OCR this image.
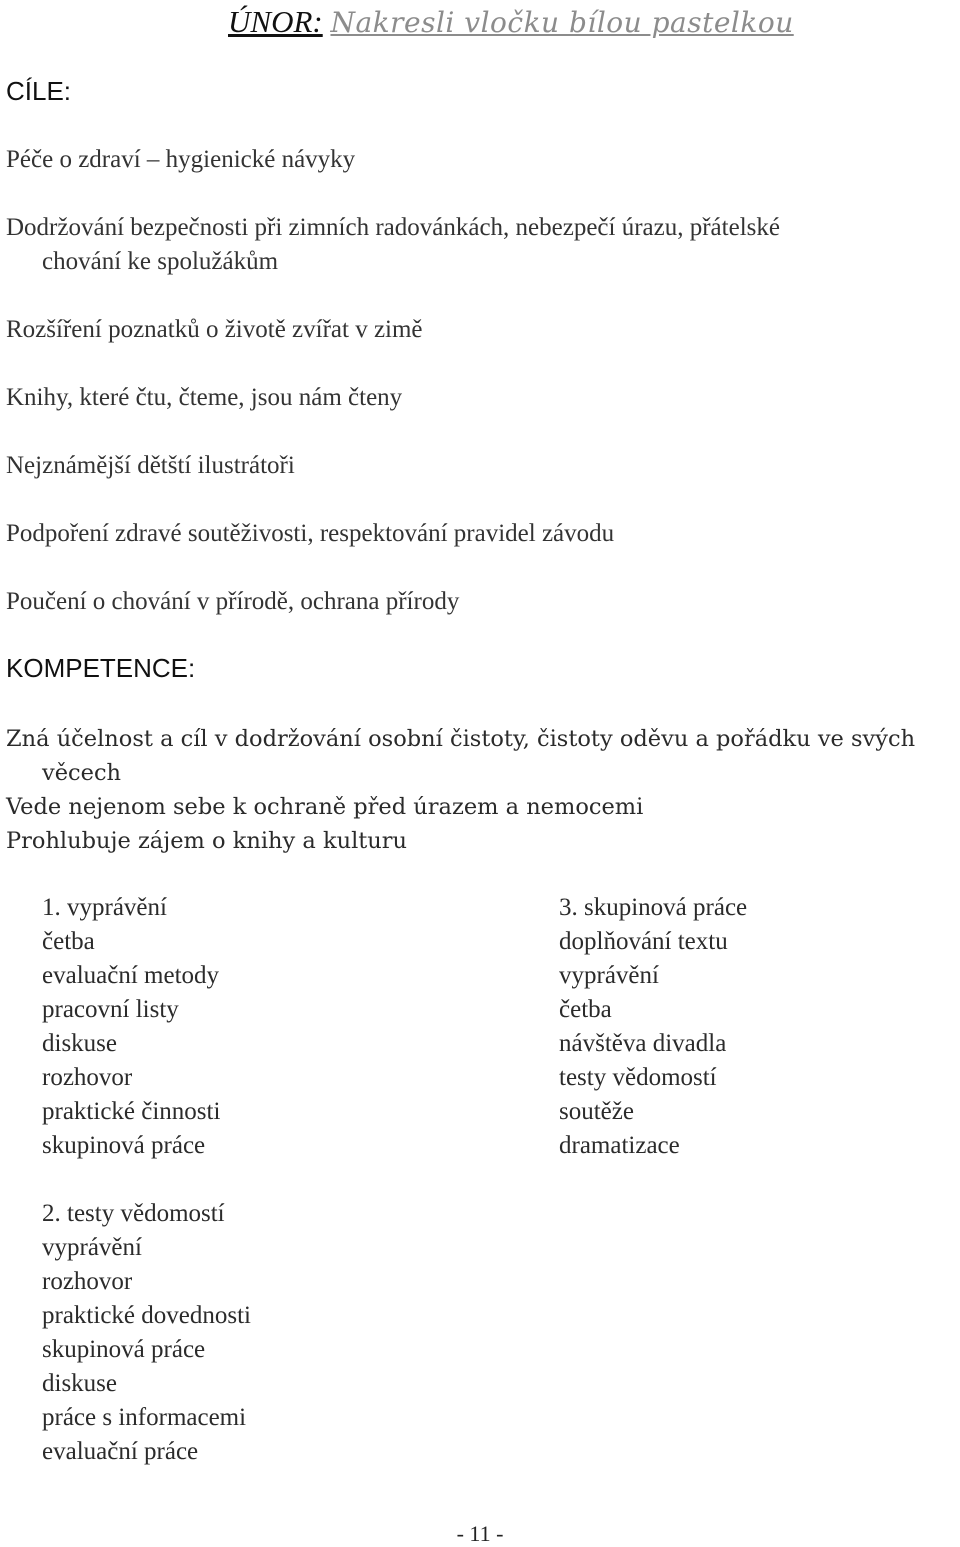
ÚNOR: Nakresli vločku bílou pastelkou
CÍLE:
Péče o zdraví – hygienické návyky
Dodržování bezpečnosti při zimních radovánkách, nebezpečí úrazu, přátelské
chování ke spolužákům
Rozšíření poznatků o životě zvířat v zimě
Knihy, které čtu, čteme, jsou nám čteny
Nejznámější dětští ilustrátoři
Podpoření zdravé soutěživosti, respektování pravidel závodu
Poučení o chování v přírodě, ochrana přírody
KOMPETENCE:
Zná účelnost a cíl v dodržování osobní čistoty, čistoty oděvu a pořádku ve svých
věcech
Vede nejenom sebe k ochraně před úrazem a nemocemi
Prohlubuje zájem o knihy a kulturu
1. vyprávění
četba
evaluační metody
pracovní listy
diskuse
rozhovor
praktické činnosti
skupinová práce
3. skupinová práce
doplňování textu
vyprávění
četba
návštěva divadla
testy vědomostí
soutěže
dramatizace
2. testy vědomostí
vyprávění
rozhovor
praktické dovednosti
skupinová práce
diskuse
práce s informacemi
evaluační práce
- 11 -
